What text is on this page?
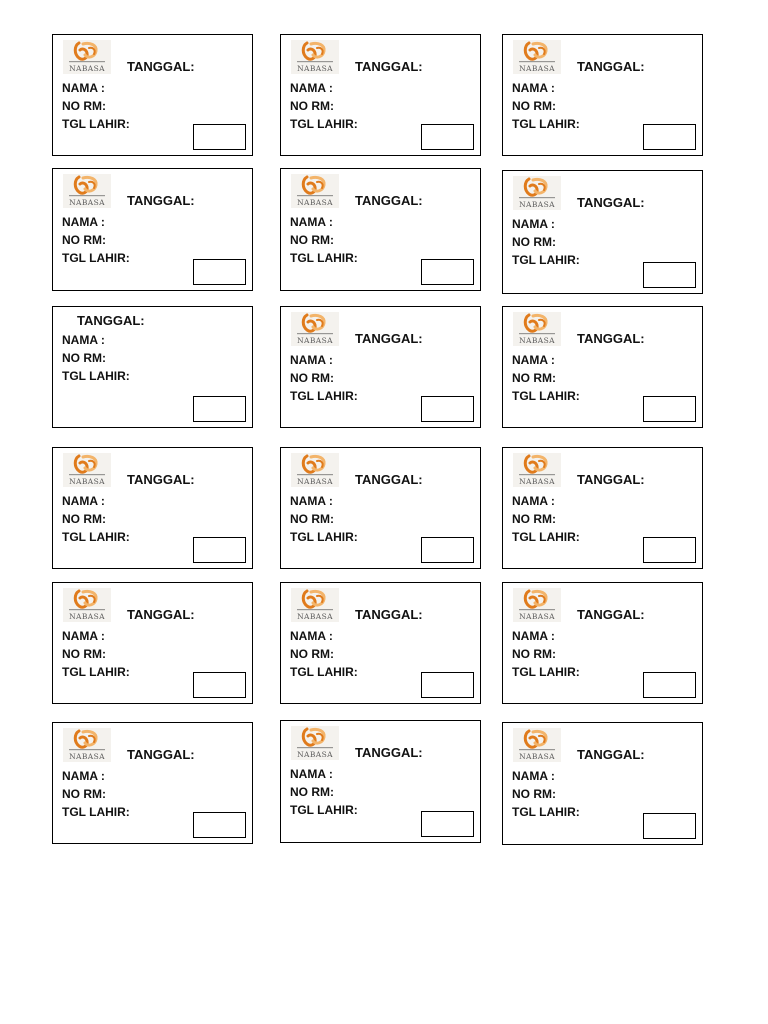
NABASA TANGGAL:
NAMA :
NO RM:
TGL LAHIR:
NABASA TANGGAL:
NAMA :
NO RM:
TGL LAHIR:
NABASA TANGGAL:
NAMA :
NO RM:
TGL LAHIR:
NABASA TANGGAL:
NAMA :
NO RM:
TGL LAHIR:
NABASA TANGGAL:
NAMA :
NO RM:
TGL LAHIR:
NABASA TANGGAL:
NAMA :
NO RM:
TGL LAHIR:
TANGGAL:
NAMA :
NO RM:
TGL LAHIR:
NABASA TANGGAL:
NAMA :
NO RM:
TGL LAHIR:
NABASA TANGGAL:
NAMA :
NO RM:
TGL LAHIR:
NABASA TANGGAL:
NAMA :
NO RM:
TGL LAHIR:
NABASA TANGGAL:
NAMA :
NO RM:
TGL LAHIR:
NABASA TANGGAL:
NAMA :
NO RM:
TGL LAHIR:
NABASA TANGGAL:
NAMA :
NO RM:
TGL LAHIR:
NABASA TANGGAL:
NAMA :
NO RM:
TGL LAHIR:
NABASA TANGGAL:
NAMA :
NO RM:
TGL LAHIR:
NABASA TANGGAL:
NAMA :
NO RM:
TGL LAHIR:
NABASA TANGGAL:
NAMA :
NO RM:
TGL LAHIR:
NABASA TANGGAL:
NAMA :
NO RM:
TGL LAHIR:
